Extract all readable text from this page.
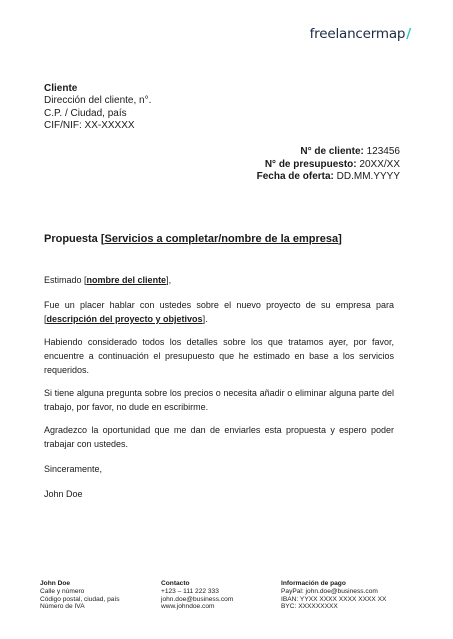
freelancermap/
Cliente
Dirección del cliente, n°.
C.P. / Ciudad, país
CIF/NIF: XX-XXXXX
N° de cliente: 123456
N° de presupuesto: 20XX/XX
Fecha de oferta: DD.MM.YYYY
Propuesta [Servicios a completar/nombre de la empresa]

Estimado [nombre del cliente],

Fue un placer hablar con ustedes sobre el nuevo proyecto de su empresa para [descripción del proyecto y objetivos].

Habiendo considerado todos los detalles sobre los que tratamos ayer, por favor, encuentre a continuación el presupuesto que he estimado en base a los servicios requeridos.

Si tiene alguna pregunta sobre los precios o necesita añadir o eliminar alguna parte del trabajo, por favor, no dude en escribirme.

Agradezco la oportunidad que me dan de enviarles esta propuesta y espero poder trabajar con ustedes.

Sinceramente,

John Doe

John Doe
Calle y número
Código postal, ciudad, país
Número de IVA
Contacto
+123 – 111 222 333
john.doe@business.com
www.johndoe.com
Información de pago
PayPal: john.doe@business.com
IBAN: YYXX XXXX XXXX XXXX XX
BYC: XXXXXXXXX
